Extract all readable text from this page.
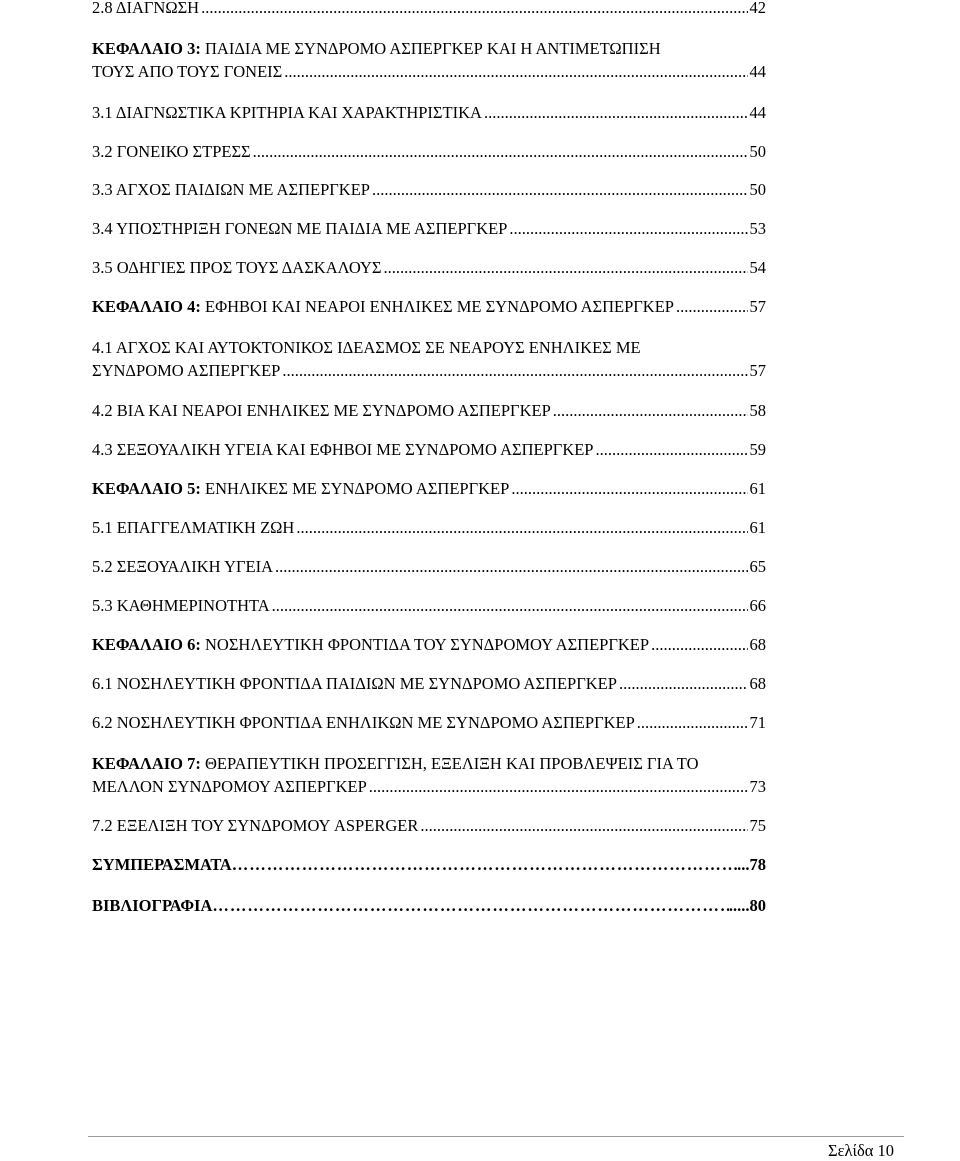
2.8 ΔΙΑΓΝΩΣΗ .....	42
ΚΕΦΑΛΑΙΟ 3: ΠΑΙΔΙΑ ΜΕ ΣΥΝΔΡΟΜΟ ΑΣΠΕΡΓΚΕΡ ΚΑΙ Η ΑΝΤΙΜΕΤΩΠΙΣΗ
ΤΟΥΣ ΑΠΟ ΤΟΥΣ ΓΟΝΕΙΣ .....	44
3.1 ΔΙΑΓΝΩΣΤΙΚΑ ΚΡΙΤΗΡΙΑ ΚΑΙ ΧΑΡΑΚΤΗΡΙΣΤΙΚΑ .....	44
3.2 ΓΟΝΕΙΚΟ ΣΤΡΕΣΣ .....	50
3.3 ΑΓΧΟΣ ΠΑΙΔΙΩΝ ΜΕ ΑΣΠΕΡΓΚΕΡ .....	50
3.4 ΥΠΟΣΤΗΡΙΞΗ ΓΟΝΕΩΝ ΜΕ ΠΑΙΔΙΑ ΜΕ ΑΣΠΕΡΓΚΕΡ .....	53
3.5 ΟΔΗΓΙΕΣ ΠΡΟΣ ΤΟΥΣ ΔΑΣΚΑΛΟΥΣ .....	54
ΚΕΦΑΛΑΙΟ 4: ΕΦΗΒΟΙ ΚΑΙ ΝΕΑΡΟΙ ΕΝΗΛΙΚΕΣ ΜΕ ΣΥΝΔΡΟΜΟ ΑΣΠΕΡΓΚΕΡ .....	57
4.1 ΑΓΧΟΣ ΚΑΙ ΑΥΤΟΚΤΟΝΙΚΟΣ ΙΔΕΑΣΜΟΣ ΣΕ ΝΕΑΡΟΥΣ ΕΝΗΛΙΚΕΣ ΜΕ
ΣΥΝΔΡΟΜΟ ΑΣΠΕΡΓΚΕΡ .....	57
4.2 ΒΙΑ ΚΑΙ ΝΕΑΡΟΙ ΕΝΗΛΙΚΕΣ ΜΕ ΣΥΝΔΡΟΜΟ ΑΣΠΕΡΓΚΕΡ .....	58
4.3 ΣΕΞΟΥΑΛΙΚΗ ΥΓΕΙΑ ΚΑΙ ΕΦΗΒΟΙ ΜΕ ΣΥΝΔΡΟΜΟ ΑΣΠΕΡΓΚΕΡ .....	59
ΚΕΦΑΛΑΙΟ 5: ΕΝΗΛΙΚΕΣ ΜΕ ΣΥΝΔΡΟΜΟ ΑΣΠΕΡΓΚΕΡ .....	61
5.1 ΕΠΑΓΓΕΛΜΑΤΙΚΗ ΖΩΗ .....	61
5.2 ΣΕΞΟΥΑΛΙΚΗ ΥΓΕΙΑ .....	65
5.3 ΚΑΘΗΜΕΡΙΝΟΤΗΤΑ .....	66
ΚΕΦΑΛΑΙΟ 6: ΝΟΣΗΛΕΥΤΙΚΗ ΦΡΟΝΤΙΔΑ ΤΟΥ ΣΥΝΔΡΟΜΟΥ ΑΣΠΕΡΓΚΕΡ .....	68
6.1 ΝΟΣΗΛΕΥΤΙΚΗ ΦΡΟΝΤΙΔΑ ΠΑΙΔΙΩΝ ΜΕ ΣΥΝΔΡΟΜΟ ΑΣΠΕΡΓΚΕΡ .....	68
6.2 ΝΟΣΗΛΕΥΤΙΚΗ ΦΡΟΝΤΙΔΑ ΕΝΗΛΙΚΩΝ ΜΕ ΣΥΝΔΡΟΜΟ ΑΣΠΕΡΓΚΕΡ .....	71
ΚΕΦΑΛΑΙΟ 7: ΘΕΡΑΠΕΥΤΙΚΗ ΠΡΟΣΕΓΓΙΣΗ, ΕΞΕΛΙΞΗ ΚΑΙ ΠΡΟΒΛΕΨΕΙΣ ΓΙΑ ΤΟ
ΜΕΛΛΟΝ ΣΥΝΔΡΟΜΟΥ ΑΣΠΕΡΓΚΕΡ .....	73
7.2 ΕΞΕΛΙΞΗ ΤΟΥ ΣΥΝΔΡΟΜΟΥ ASPERGER .....	75
ΣΥΜΠΕΡΑΣΜΑΤΑ ………………………………………………………………………………………………………………………………………	...78
ΒΙΒΛΙΟΓΡΑΦΙΑ ………………………………………………………………………………………………………………………………………	.....80
Σελίδα 10
